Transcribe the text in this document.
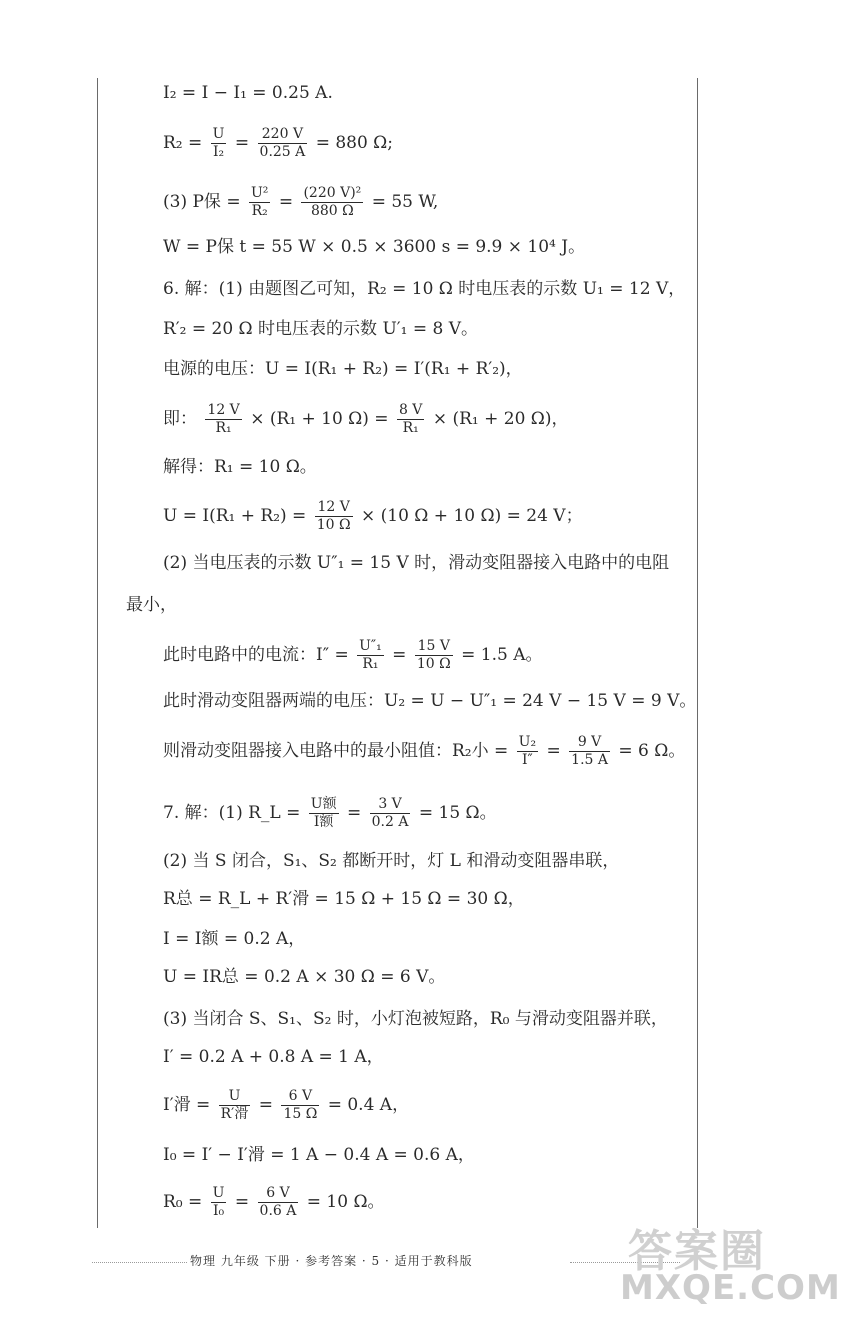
I₂ = I − I₁ = 0.25 A.
$R_2 = \frac{U}{\text{I₂}} = \frac{220 V}{0.25 A} = 880$ Ω;
(3) P保 = $\frac{\text{U²}}{\text{R₂}} = \frac{\text{(220 V)²}}{880 \Omega} = 55$ W,
W = P保 t = 55 W × 0.5 × 3600 s = 9.9 × 10⁴ J。
6. 解：(1) 由题图乙可知，R₂ = 10 Ω 时电压表的示数 U₁ = 12 V，
R′₂ = 20 Ω 时电压表的示数 U′₁ = 8 V。
电源的电压：U = I(R₁ + R₂) = I′(R₁ + R′₂)，
即： $\frac{12 V}{\text{R₁}} \times (R_1 + 10$ $\Omega) = \frac{8 V}{\text{R₁}} \times (R_1 + 20$ Ω)，
解得：R₁ = 10 Ω。
$U = I(R_1 + R_2) = \frac{12 V}{10 \Omega} \times (10$ Ω + 10 Ω) = 24 V；
(2) 当电压表的示数 U″₁ = 15 V 时，滑动变阻器接入电路中的电阻
最小，
此时电路中的电流：$I'' = \frac{\text{U″₁}}{\text{R₁}} = \frac{15 V}{10 \Omega} = 1.5$ A。
此时滑动变阻器两端的电压：U₂ = U − U″₁ = 24 V − 15 V = 9 V。
则滑动变阻器接入电路中的最小阻值：R₂小 = $\frac{\text{U₂}}{I''} = \frac{9 V}{1.5 A} = 6$ Ω。
7. 解：(1) R_L = $\frac{\text{U额}}{\text{I额}} = \frac{3 V}{0.2 A} = 15$ Ω。
(2) 当 S 闭合，S₁、S₂ 都断开时，灯 L 和滑动变阻器串联，
R总 = R_L + R′滑 = 15 Ω + 15 Ω = 30 Ω，
I = I额 = 0.2 A，
U = IR总 = 0.2 A × 30 Ω = 6 V。
(3) 当闭合 S、S₁、S₂ 时，小灯泡被短路，R₀ 与滑动变阻器并联，
I′ = 0.2 A + 0.8 A = 1 A，
I′滑 = $\frac{U}{\text{R′滑}} = \frac{6 V}{15 \Omega} = 0.4$ A，
I₀ = I′ − I′滑 = 1 A − 0.4 A = 0.6 A，
$R_0 = \frac{U}{\text{I₀}} = \frac{6 V}{0.6 A} = 10$ Ω。
物理 九年级 下册 · 参考答案 · 5 · 适用于教科版	答案圈
MXQE.COM
